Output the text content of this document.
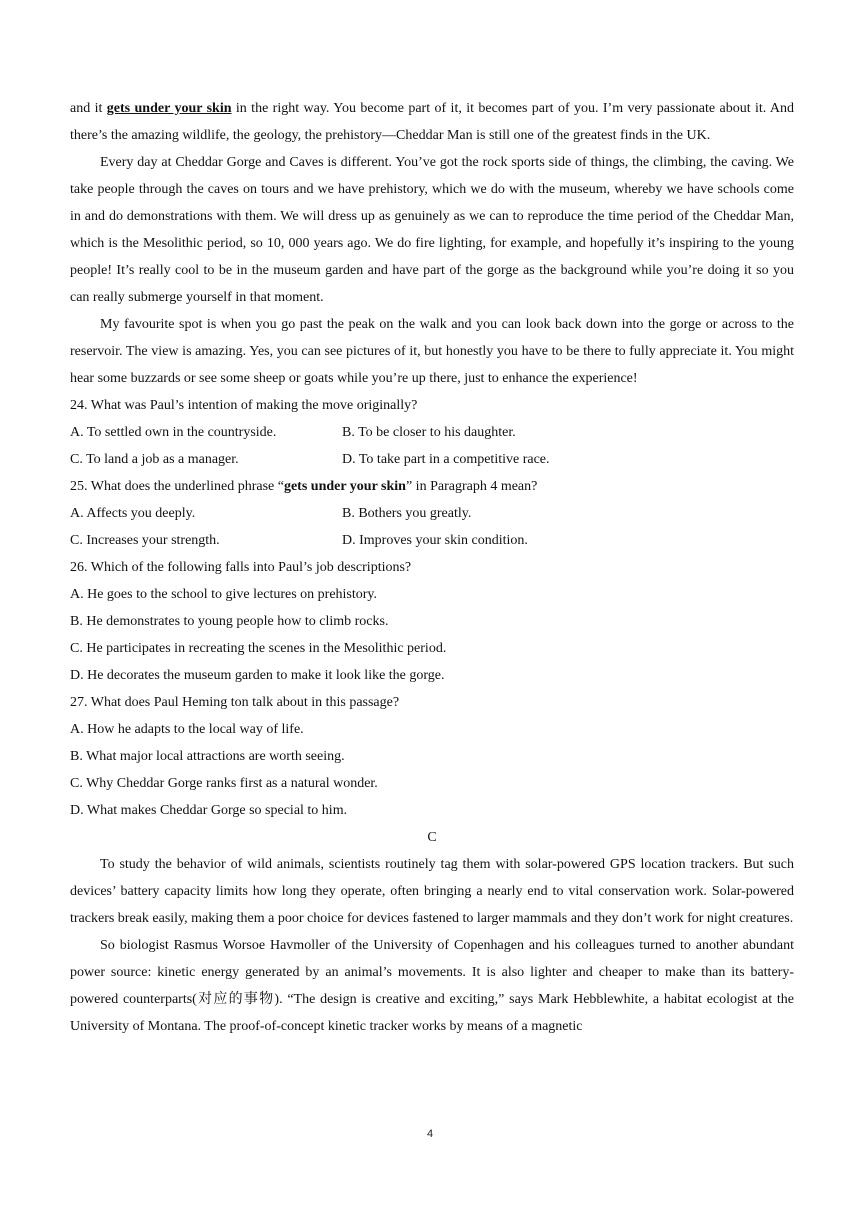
and it gets under your skin in the right way. You become part of it, it becomes part of you. I’m very passionate about it. And there’s the amazing wildlife, the geology, the prehistory—Cheddar Man is still one of the greatest finds in the UK.

Every day at Cheddar Gorge and Caves is different. You’ve got the rock sports side of things, the climbing, the caving. We take people through the caves on tours and we have prehistory, which we do with the museum, whereby we have schools come in and do demonstrations with them. We will dress up as genuinely as we can to reproduce the time period of the Cheddar Man, which is the Mesolithic period, so 10, 000 years ago. We do fire lighting, for example, and hopefully it’s inspiring to the young people! It’s really cool to be in the museum garden and have part of the gorge as the background while you’re doing it so you can really submerge yourself in that moment.

My favourite spot is when you go past the peak on the walk and you can look back down into the gorge or across to the reservoir. The view is amazing. Yes, you can see pictures of it, but honestly you have to be there to fully appreciate it. You might hear some buzzards or see some sheep or goats while you’re up there, just to enhance the experience!

24. What was Paul’s intention of making the move originally?

A. To settled own in the countryside.	B. To be closer to his daughter.
C. To land a job as a manager.	D. To take part in a competitive race.

25. What does the underlined phrase “gets under your skin” in Paragraph 4 mean?

A. Affects you deeply.	B. Bothers you greatly.
C. Increases your strength.	D. Improves your skin condition.

26. Which of the following falls into Paul’s job descriptions?

A. He goes to the school to give lectures on prehistory.

B. He demonstrates to young people how to climb rocks.

C. He participates in recreating the scenes in the Mesolithic period.

D. He decorates the museum garden to make it look like the gorge.

27. What does Paul Heming ton talk about in this passage?

A. How he adapts to the local way of life.

B. What major local attractions are worth seeing.

C. Why Cheddar Gorge ranks first as a natural wonder.

D. What makes Cheddar Gorge so special to him.

C

To study the behavior of wild animals, scientists routinely tag them with solar-powered GPS location trackers. But such devices’ battery capacity limits how long they operate, often bringing a nearly end to vital conservation work. Solar-powered trackers break easily, making them a poor choice for devices fastened to larger mammals and they don’t work for night creatures.

So biologist Rasmus Worsoe Havmoller of the University of Copenhagen and his colleagues turned to another abundant power source: kinetic energy generated by an animal’s movements. It is also lighter and cheaper to make than its battery-powered counterparts(对应的事物). “The design is creative and exciting,” says Mark Hebblewhite, a habitat ecologist at the University of Montana. The proof-of-concept kinetic tracker works by means of a magnetic

4
